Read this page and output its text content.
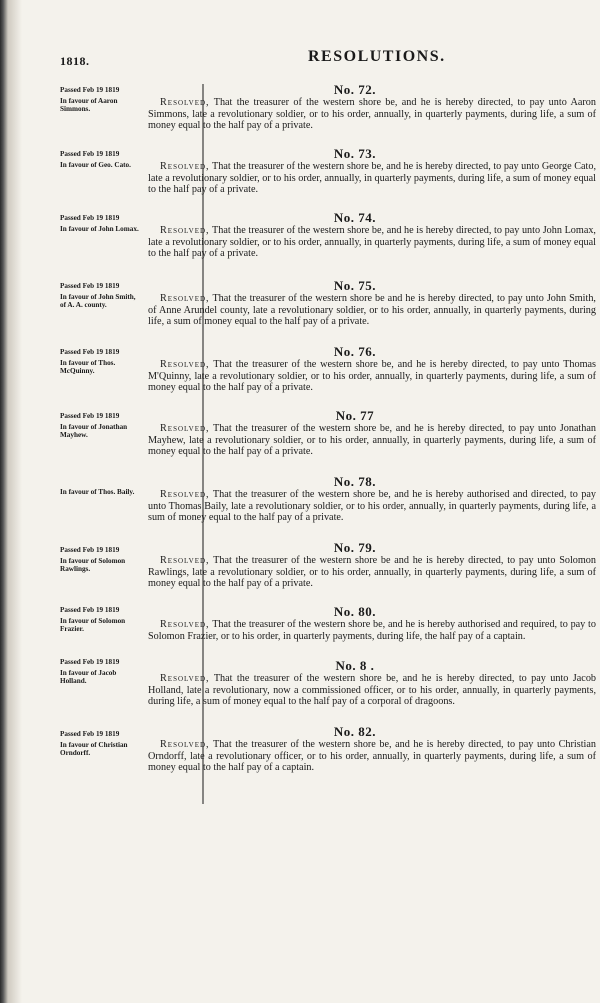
1818.	RESOLUTIONS.
Passed Feb 19 1819
In favour of Aaron Simmons.
No. 72.
Resolved, That the treasurer of the western shore be, and he is hereby directed, to pay unto Aaron Simmons, late a revolutionary soldier, or to his order, annually, in quarterly payments, during life, a sum of money equal to the half pay of a private.
Passed Feb 19 1819
In favour of Geo. Cato.
No. 73.
Resolved, That the treasurer of the western shore be, and he is hereby directed, to pay unto George Cato, late a revolutionary soldier, or to his order, annually, in quarterly payments, during life, a sum of money equal to the half pay of a private.
Passed Feb 19 1819
In favour of John Lomax.
No. 74.
Resolved, That the treasurer of the western shore be, and he is hereby directed, to pay unto John Lomax, late a revolutionary soldier, or to his order, annually, in quarterly payments, during life, a sum of money equal to the half pay of a private.
Passed Feb 19 1819
In favour of John Smith, of A. A. county.
No. 75.
Resolved, That the treasurer of the western shore be and he is hereby directed, to pay unto John Smith, of Anne Arundel county, late a revolutionary soldier, or to his order, annually, in quarterly payments, during life, a sum of money equal to the half pay of a private.
Passed Feb 19 1819
In favour of Thos. McQuinny.
No. 76.
Resolved, That the treasurer of the western shore be, and he is hereby directed, to pay unto Thomas M'Quinny, late a revolutionary soldier, or to his order, annually, in quarterly payments, during life, a sum of money equal to the half pay of a private.
Passed Feb 19 1819
In favour of Jonathan Mayhew.
No. 77
Resolved, That the treasurer of the western shore be, and he is hereby directed, to pay unto Jonathan Mayhew, late a revolutionary soldier, or to his order, annually, in quarterly payments, during life, a sum of money equal to the half pay of a private.
In favour of Thos. Baily.
No. 78.
Resolved, That the treasurer of the western shore be, and he is hereby authorised and directed, to pay unto Thomas Baily, late a revolutionary soldier, or to his order, annually, in quarterly payments, during life, a sum of money equal to the half pay of a private.
Passed Feb 19 1819
In favour of Solomon Rawlings.
No. 79.
Resolved, That the treasurer of the western shore be and he is hereby directed, to pay unto Solomon Rawlings, late a revolutionary soldier, or to his order, annually, in quarterly payments, during life, a sum of money equal to the half pay of a private.
Passed Feb 19 1819
In favour of Solomon Frazier.
No. 80.
Resolved, That the treasurer of the western shore be, and he is hereby authorised and required, to pay to Solomon Frazier, or to his order, in quarterly payments, during life, the half pay of a captain.
Passed Feb 19 1819
In favour of Jacob Holland.
No. 8 .
Resolved, That the treasurer of the western shore be, and he is hereby directed, to pay unto Jacob Holland, late a revolutionary, now a commissioned officer, or to his order, annually, in quarterly payments, during life, a sum of money equal to the half pay of a corporal of dragoons.
Passed Feb 19 1819
In favour of Christian Orndorff.
No. 82.
Resolved, That the treasurer of the western shore be, and he is hereby directed, to pay unto Christian Orndorff, late a revolutionary officer, or to his order, annually, in quarterly payments, during life, a sum of money equal to the half pay of a captain.
